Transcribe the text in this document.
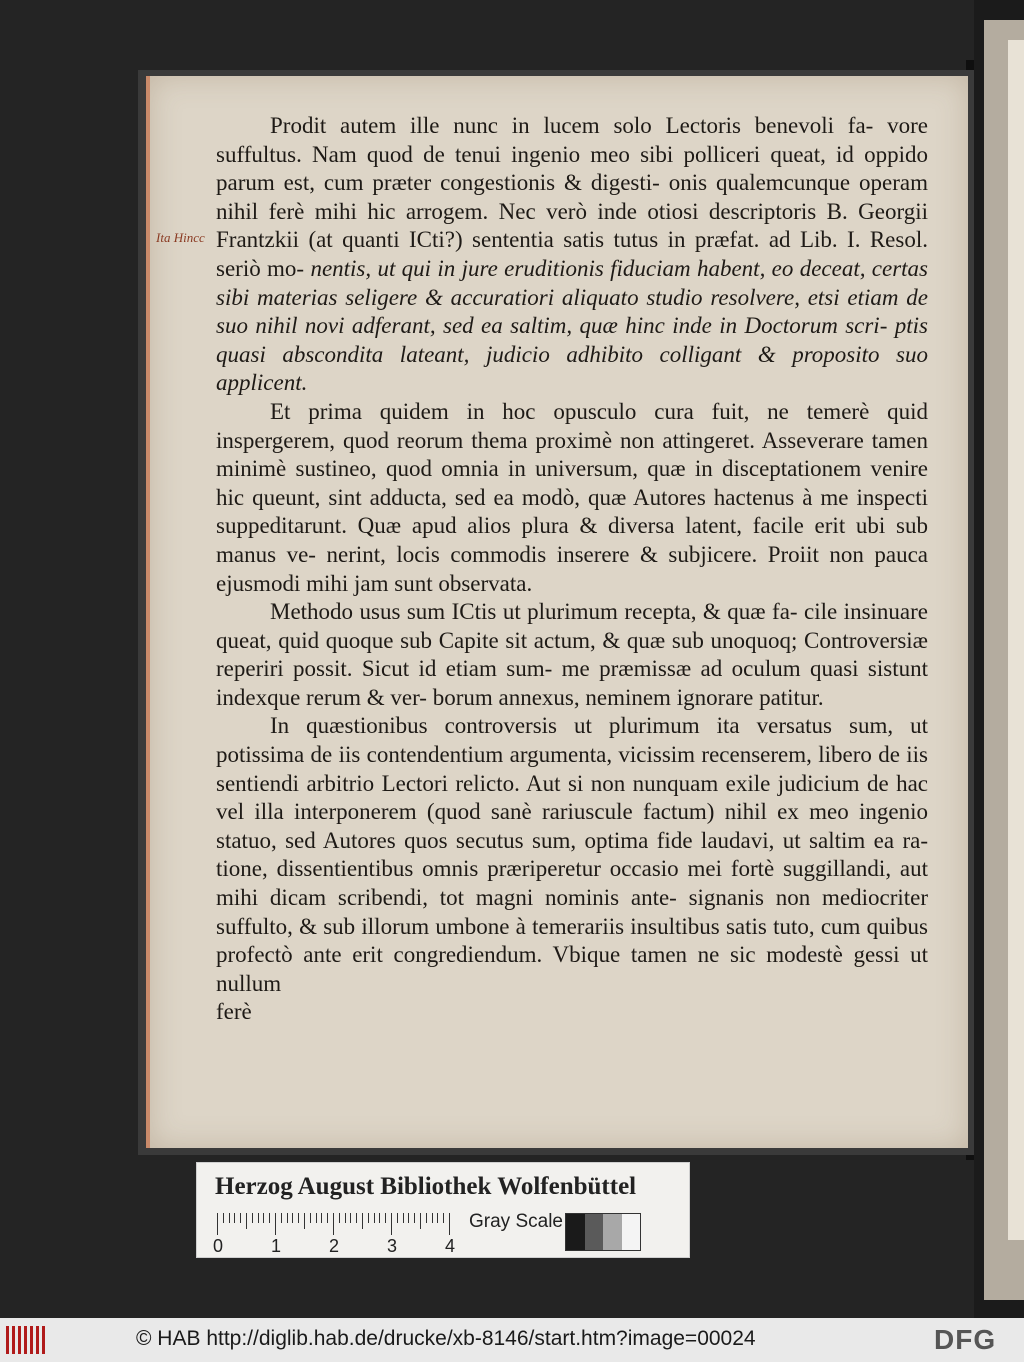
Ita Hincc

Prodit autem ille nunc in lucem solo Lectoris benevoli fa- vore suffultus. Nam quod de tenui ingenio meo sibi polliceri queat, id oppido parum est, cum præter congestionis & digesti- onis qualemcunque operam nihil ferè mihi hic arrogem. Nec verò inde otiosi descriptoris B. Georgii Frantzkii (at quanti ICti?) sententia satis tutus in præfat. ad Lib. I. Resol. seriò mo- nentis, ut qui in jure eruditionis fiduciam habent, eo deceat, certas sibi materias seligere & accuratiori aliquato studio resolvere, etsi etiam de suo nihil novi adferant, sed ea saltim, quæ hinc inde in Doctorum scri- ptis quasi abscondita lateant, judicio adhibito colligant & proposito suo applicent.

Et prima quidem in hoc opusculo cura fuit, ne temerè quid inspergerem, quod reorum thema proximè non attingeret. Asseverare tamen minimè sustineo, quod omnia in universum, quæ in disceptationem venire hic queunt, sint adducta, sed ea modò, quæ Autores hactenus à me inspecti suppeditarunt. Quæ apud alios plura & diversa latent, facile erit ubi sub manus ve- nerint, locis commodis inserere & subjicere. Proiit non pauca ejusmodi mihi jam sunt observata.

Methodo usus sum ICtis ut plurimum recepta, & quæ fa- cile insinuare queat, quid quoque sub Capite sit actum, & quæ sub unoquoq; Controversiæ reperiri possit. Sicut id etiam sum- me præmissæ ad oculum quasi sistunt indexque rerum & ver- borum annexus, neminem ignorare patitur.

In quæstionibus controversis ut plurimum ita versatus sum, ut potissima de iis contendentium argumenta, vicissim recenserem, libero de iis sentiendi arbitrio Lectori relicto. Aut si non nunquam exile judicium de hac vel illa interponerem (quod sanè rariuscule factum) nihil ex meo ingenio statuo, sed Autores quos secutus sum, optima fide laudavi, ut saltim ea ra- tione, dissentientibus omnis præriperetur occasio mei fortè suggillandi, aut mihi dicam scribendi, tot magni nominis ante- signanis non mediocriter suffulto, & sub illorum umbone à temerariis insultibus satis tuto, cum quibus profectò ante erit congrediendum. Vbique tamen ne sic modestè gessi ut nullum

ferè

Herzog August Bibliothek Wolfenbüttel
0	1	2	3	4
Gray Scale
© HAB http://diglib.hab.de/drucke/xb-8146/start.htm?image=00024	DFG
